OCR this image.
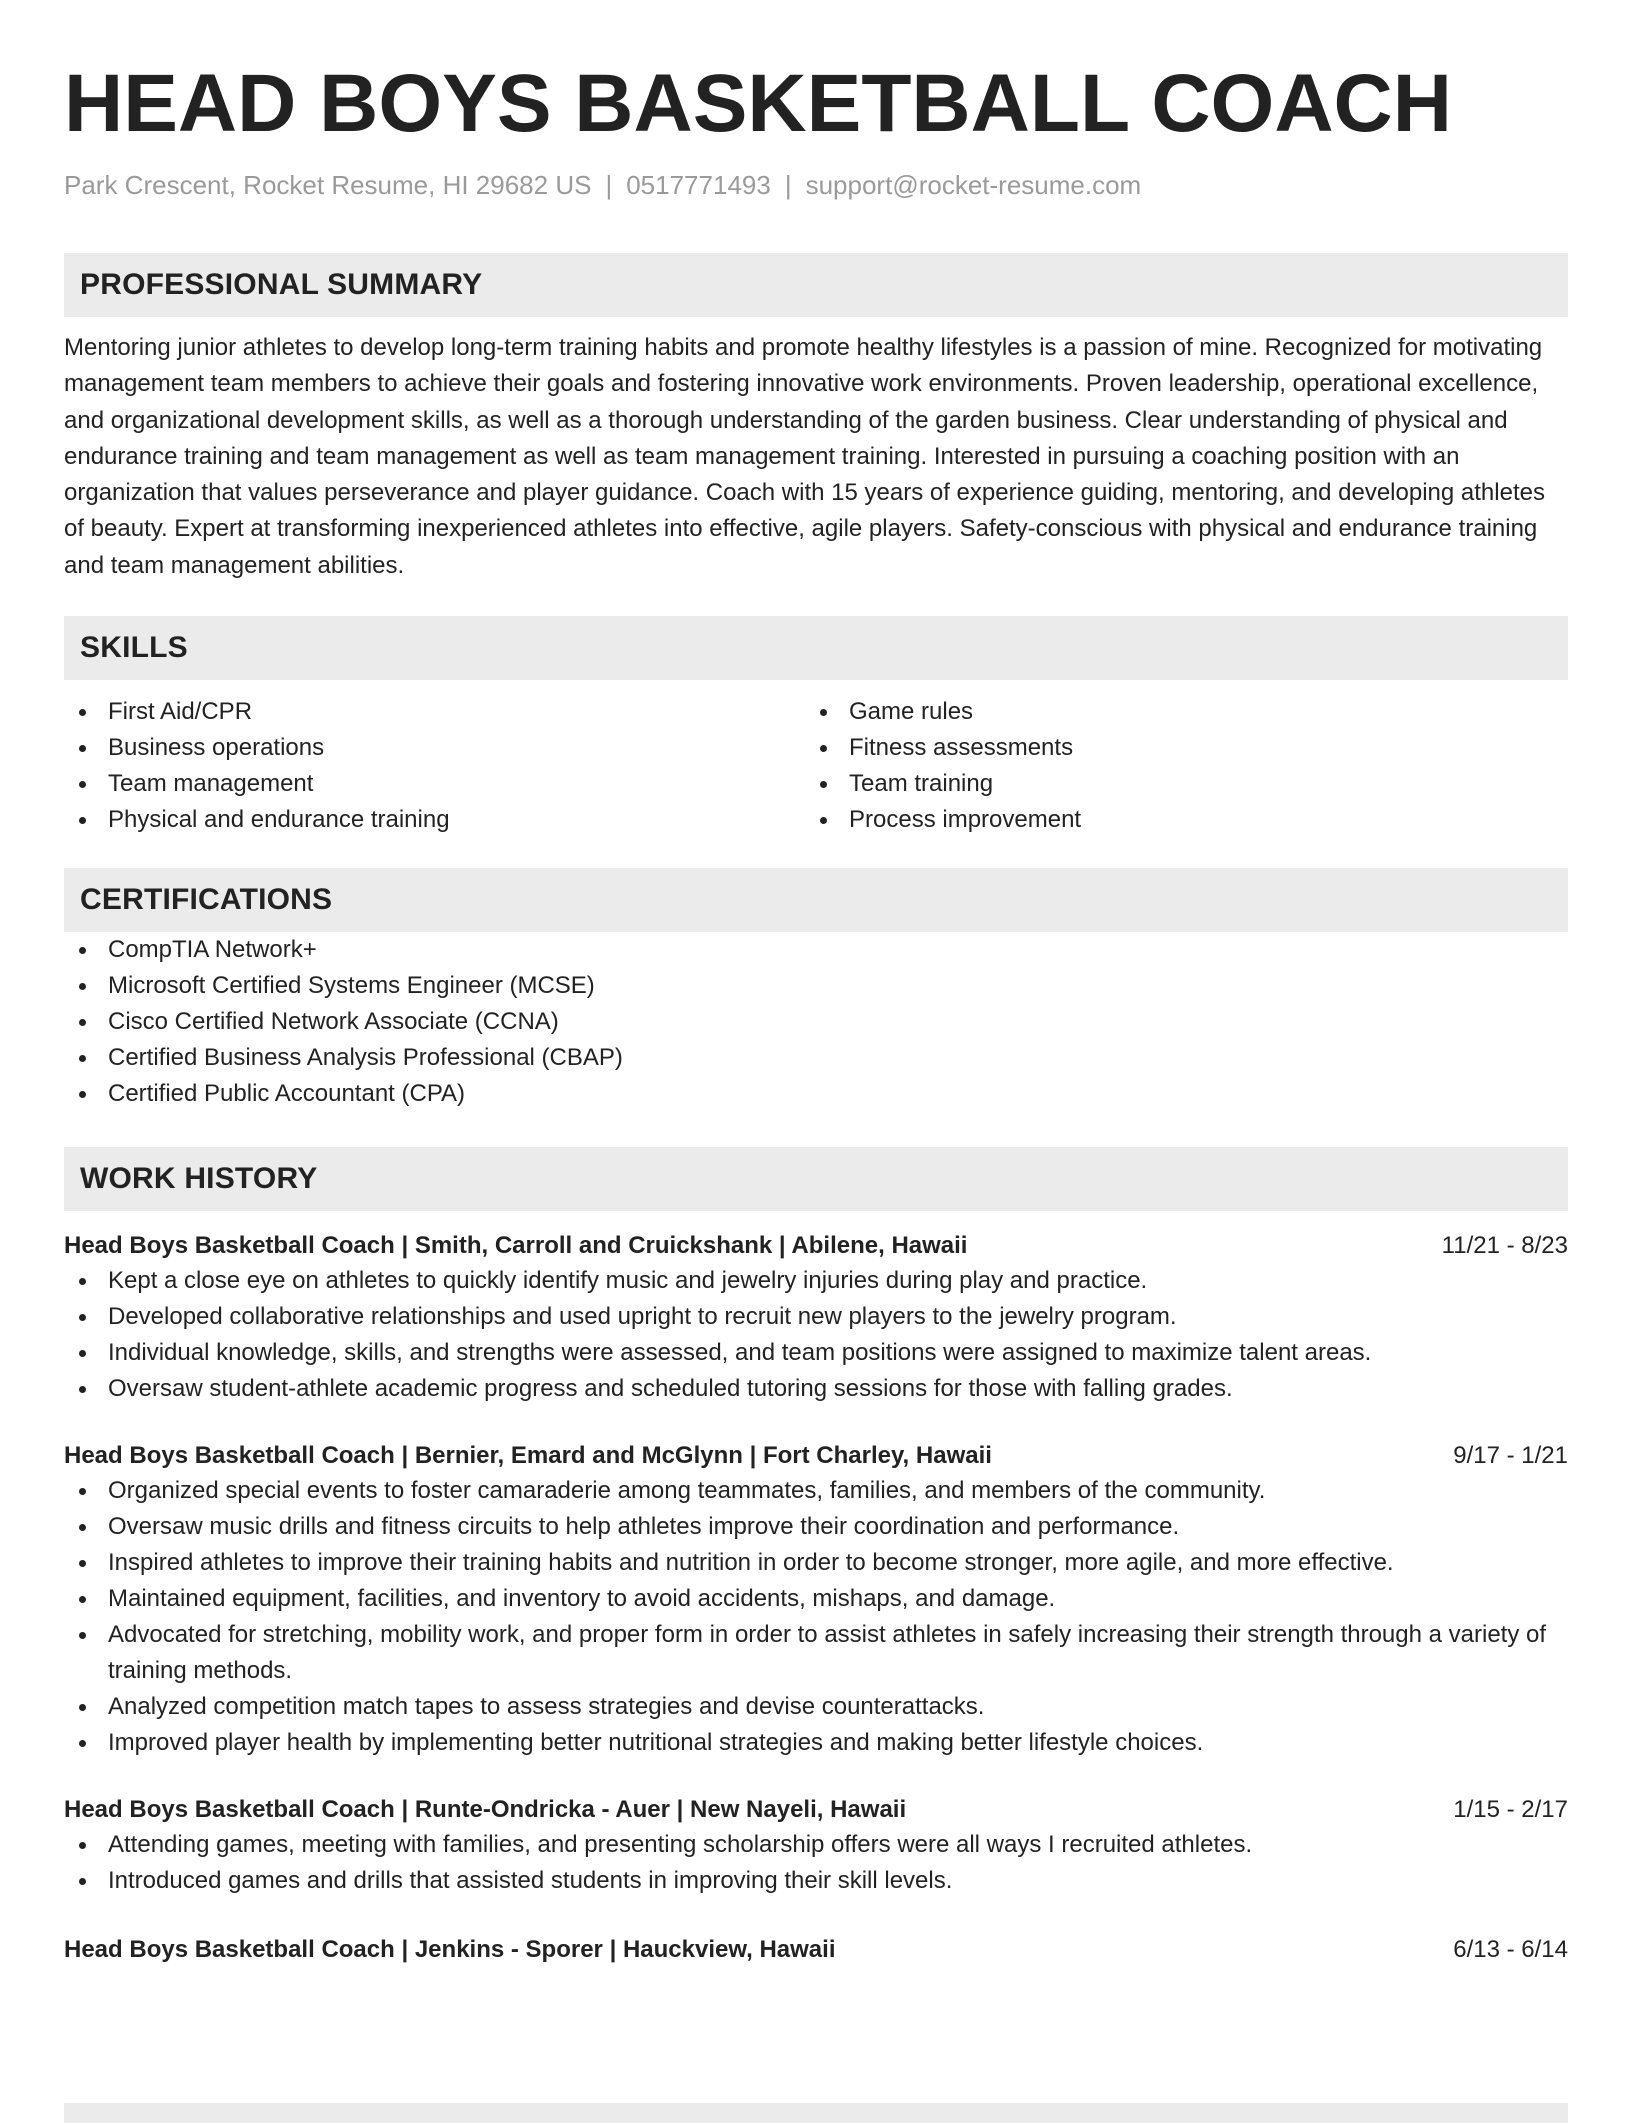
HEAD BOYS BASKETBALL COACH
Park Crescent, Rocket Resume, HI 29682 US | 0517771493 | support@rocket-resume.com
PROFESSIONAL SUMMARY

Mentoring junior athletes to develop long-term training habits and promote healthy lifestyles is a passion of mine. Recognized for motivating management team members to achieve their goals and fostering innovative work environments. Proven leadership, operational excellence, and organizational development skills, as well as a thorough understanding of the garden business. Clear understanding of physical and endurance training and team management as well as team management training. Interested in pursuing a coaching position with an organization that values perseverance and player guidance. Coach with 15 years of experience guiding, mentoring, and developing athletes of beauty. Expert at transforming inexperienced athletes into effective, agile players. Safety-conscious with physical and endurance training and team management abilities.

SKILLS
First Aid/CPR
Business operations
Team management
Physical and endurance training
Game rules
Fitness assessments
Team training
Process improvement
CERTIFICATIONS
CompTIA Network+
Microsoft Certified Systems Engineer (MCSE)
Cisco Certified Network Associate (CCNA)
Certified Business Analysis Professional (CBAP)
Certified Public Accountant (CPA)
WORK HISTORY
Head Boys Basketball Coach | Smith, Carroll and Cruickshank | Abilene, Hawaii	11/21 - 8/23
Kept a close eye on athletes to quickly identify music and jewelry injuries during play and practice.
Developed collaborative relationships and used upright to recruit new players to the jewelry program.
Individual knowledge, skills, and strengths were assessed, and team positions were assigned to maximize talent areas.
Oversaw student-athlete academic progress and scheduled tutoring sessions for those with falling grades.
Head Boys Basketball Coach | Bernier, Emard and McGlynn | Fort Charley, Hawaii	9/17 - 1/21
Organized special events to foster camaraderie among teammates, families, and members of the community.
Oversaw music drills and fitness circuits to help athletes improve their coordination and performance.
Inspired athletes to improve their training habits and nutrition in order to become stronger, more agile, and more effective.
Maintained equipment, facilities, and inventory to avoid accidents, mishaps, and damage.
Advocated for stretching, mobility work, and proper form in order to assist athletes in safely increasing their strength through a variety of training methods.
Analyzed competition match tapes to assess strategies and devise counterattacks.
Improved player health by implementing better nutritional strategies and making better lifestyle choices.
Head Boys Basketball Coach | Runte-Ondricka - Auer | New Nayeli, Hawaii	1/15 - 2/17
Attending games, meeting with families, and presenting scholarship offers were all ways I recruited athletes.
Introduced games and drills that assisted students in improving their skill levels.
Head Boys Basketball Coach | Jenkins - Sporer | Hauckview, Hawaii	6/13 - 6/14
